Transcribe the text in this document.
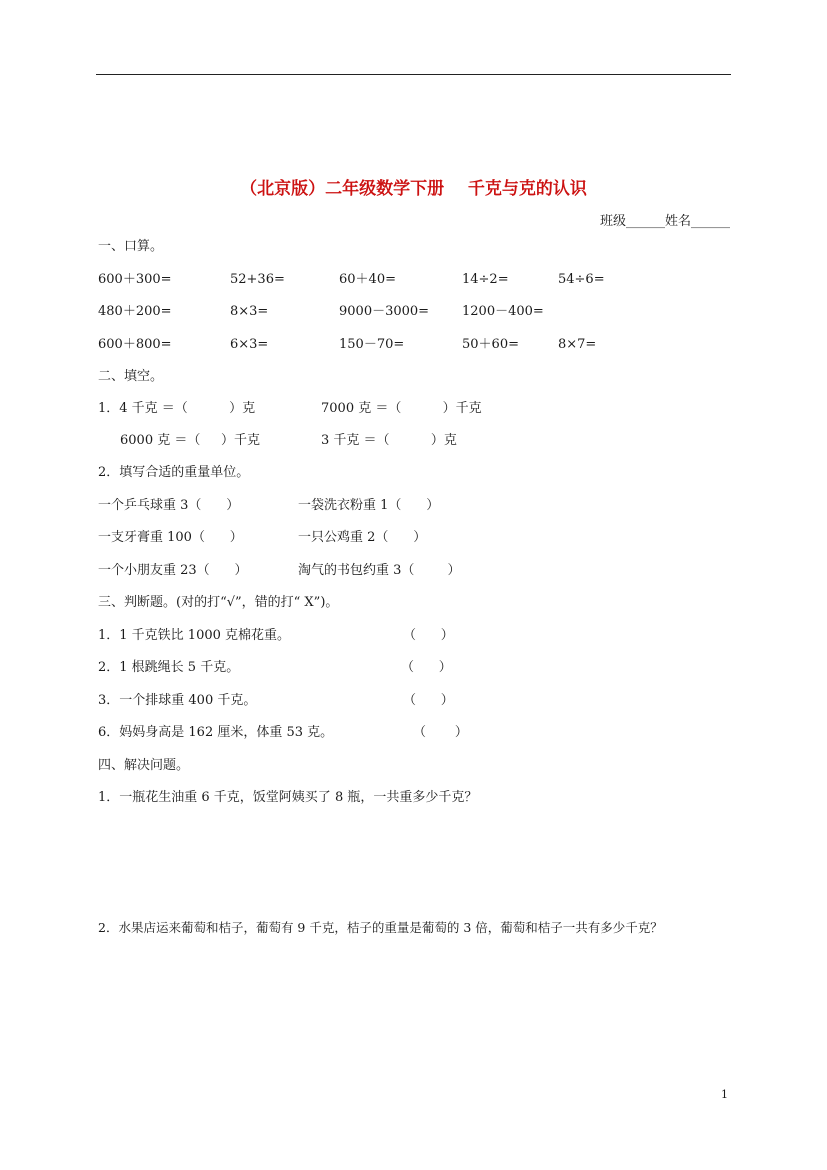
（北京版）二年级数学下册    千克与克的认识
班级______姓名______
一、口算。
600＋300=	52+36=	60＋40=	14÷2=	54÷6=
480＋200=	8×3=	9000－3000=	1200－400=
600＋800=	6×3=	150－70=	50＋60=	8×7=
二、填空。
1．4 千克 ＝（          ）克	7000 克 ＝（          ）千克
6000 克 ＝（     ）千克	3 千克 ＝（          ）克
2．填写合适的重量单位。
一个乒乓球重 3（      ）	一袋洗衣粉重 1（      ）
一支牙膏重 100（      ）	一只公鸡重 2（      ）
一个小朋友重 23（      ）	淘气的书包约重 3（        ）
三、判断题。(对的打“√”，错的打“ X”)。
1．1 千克铁比 1000 克棉花重。	（      ）
2．1 根跳绳长 5 千克。	（      ）
3．一个排球重 400 千克。	（      ）
6．妈妈身高是 162 厘米，体重 53 克。	（       ）
四、解决问题。
1．一瓶花生油重 6 千克，饭堂阿姨买了 8 瓶，一共重多少千克？
2．水果店运来葡萄和桔子，葡萄有 9 千克，桔子的重量是葡萄的 3 倍，葡萄和桔子一共有多少千克？
1
